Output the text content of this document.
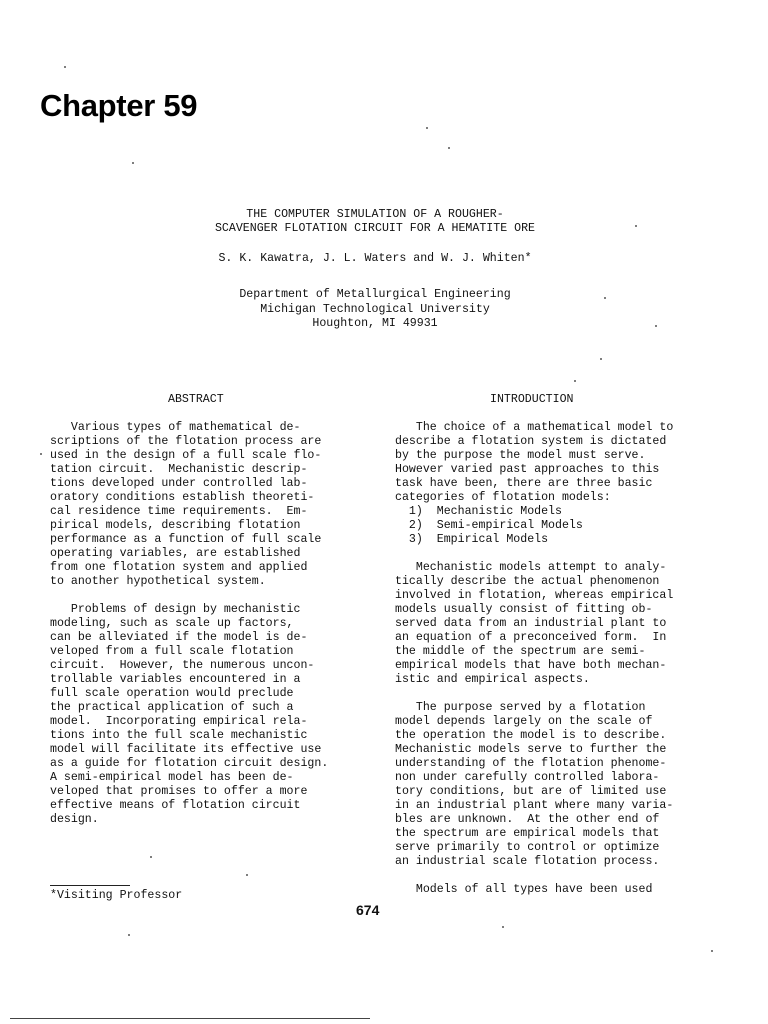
Chapter 59
THE COMPUTER SIMULATION OF A ROUGHER-
SCAVENGER FLOTATION CIRCUIT FOR A HEMATITE ORE
S. K. Kawatra, J. L. Waters and W. J. Whiten*
Department of Metallurgical Engineering
Michigan Technological University
Houghton, MI 49931
ABSTRACT	INTRODUCTION
Various types of mathematical de-
scriptions of the flotation process are
used in the design of a full scale flo-
tation circuit.  Mechanistic descrip-
tions developed under controlled lab-
oratory conditions establish theoreti-
cal residence time requirements.  Em-
pirical models, describing flotation
performance as a function of full scale
operating variables, are established
from one flotation system and applied
to another hypothetical system.
Problems of design by mechanistic
modeling, such as scale up factors,
can be alleviated if the model is de-
veloped from a full scale flotation
circuit.  However, the numerous uncon-
trollable variables encountered in a
full scale operation would preclude
the practical application of such a
model.  Incorporating empirical rela-
tions into the full scale mechanistic
model will facilitate its effective use
as a guide for flotation circuit design.
A semi-empirical model has been de-
veloped that promises to offer a more
effective means of flotation circuit
design.
The choice of a mathematical model to
describe a flotation system is dictated
by the purpose the model must serve.
However varied past approaches to this
task have been, there are three basic
categories of flotation models:
1)  Mechanistic Models
2)  Semi-empirical Models
3)  Empirical Models
Mechanistic models attempt to analy-
tically describe the actual phenomenon
involved in flotation, whereas empirical
models usually consist of fitting ob-
served data from an industrial plant to
an equation of a preconceived form.  In
the middle of the spectrum are semi-
empirical models that have both mechan-
istic and empirical aspects.
The purpose served by a flotation
model depends largely on the scale of
the operation the model is to describe.
Mechanistic models serve to further the
understanding of the flotation phenome-
non under carefully controlled labora-
tory conditions, but are of limited use
in an industrial plant where many varia-
bles are unknown.  At the other end of
the spectrum are empirical models that
serve primarily to control or optimize
an industrial scale flotation process.
Models of all types have been used
*Visiting Professor
674
